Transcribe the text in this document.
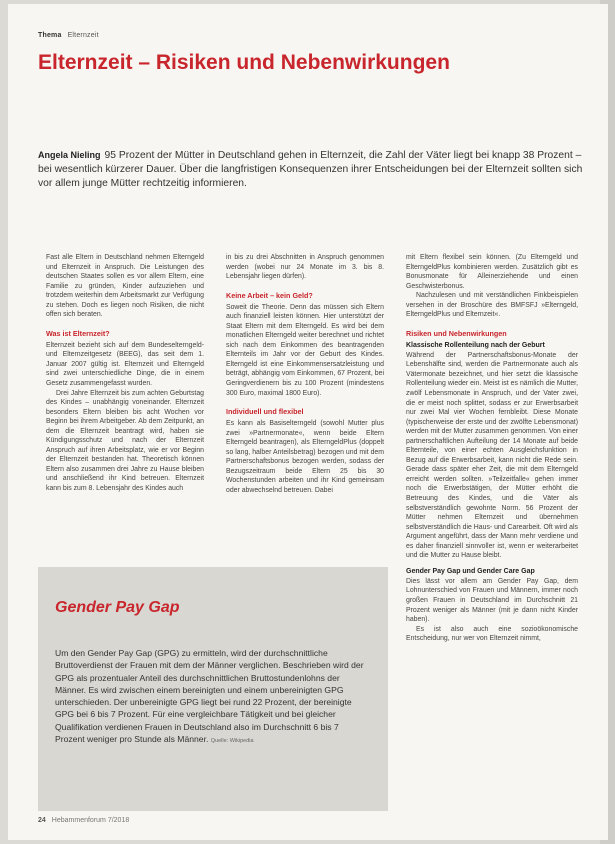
Thema Elternzeit
Elternzeit – Risiken und Nebenwirkungen

Angela Nieling 95 Prozent der Mütter in Deutschland gehen in Elternzeit, die Zahl der Väter liegt bei knapp 38 Prozent – bei wesentlich kürzerer Dauer. Über die langfristigen Konsequenzen ihrer Entscheidungen bei der Elternzeit sollten sich vor allem junge Mütter rechtzeitig informieren.

Fast alle Eltern in Deutschland nehmen Elterngeld und Elternzeit in Anspruch. Die Leistungen des deutschen Staates sollen es vor allem Eltern, eine Familie zu gründen, Kinder aufzuziehen und trotzdem weiterhin dem Arbeitsmarkt zur Verfügung zu stehen. Doch es liegen noch Risiken, die nicht offen sich beraten.

Was ist Elternzeit?

Elternzeit bezieht sich auf dem Bundeselterngeld- und Elternzeitgesetz (BEEG), das seit dem 1. Januar 2007 gültig ist. Elternzeit und Elterngeld sind zwei unterschiedliche Dinge, die in einem Gesetz zusammengefasst wurden.

Drei Jahre Elternzeit bis zum achten Geburtstag des Kindes – unabhängig voneinander. Elternzeit besonders Eltern bleiben bis acht Wochen vor Beginn bei ihrem Arbeitgeber. Ab dem Zeitpunkt, an dem die Elternzeit beantragt wird, haben sie Kündigungsschutz und nach der Elternzeit Anspruch auf ihren Arbeitsplatz, wie er vor Beginn der Elternzeit bestanden hat. Theoretisch können Eltern also zusammen drei Jahre zu Hause bleiben und anschließend ihr Kind betreuen. Elternzeit kann bis zum 8. Lebensjahr des Kindes auch

in bis zu drei Abschnitten in Anspruch genommen werden (wobei nur 24 Monate im 3. bis 8. Lebensjahr liegen dürfen).

Keine Arbeit – kein Geld?

Soweit die Theorie. Denn das müssen sich Eltern auch finanziell leisten können. Hier unterstützt der Staat Eltern mit dem Elterngeld. Es wird bei dem monatlichen Elterngeld weiter berechnet und richtet sich nach dem Einkommen des beantragenden Elternteils im Jahr vor der Geburt des Kindes. Elterngeld ist eine Einkommensersatzleistung und beträgt, abhängig vom Einkommen, 67 Prozent, bei Geringverdienern bis zu 100 Prozent (mindestens 300 Euro, maximal 1800 Euro).

Individuell und flexibel

Es kann als Basiselterngeld (sowohl Mutter plus zwei »Partnermonate«, wenn beide Eltern Elterngeld beantragen), als ElterngeldPlus (doppelt so lang, halber Anteilsbetrag) bezogen und mit dem Partnerschaftsbonus bezogen werden, sodass der Bezugszeitraum beide Eltern 25 bis 30 Wochenstunden arbeiten und ihr Kind gemeinsam oder abwechselnd betreuen. Dabei

mit Eltern flexibel sein können. (Zu Elterngeld und ElterngeldPlus kombinieren werden. Zusätzlich gibt es Bonusmonate für Alleinerziehende und einen Geschwisterbonus.

Nachzulesen und mit verständlichen Finkbeispielen versehen in der Broschüre des BMFSFJ »Elterngeld, ElterngeldPlus und Elternzeit«.

Risiken und Nebenwirkungen
Klassische Rollenteilung nach der Geburt

Während der Partnerschaftsbonus-Monate der Lebenshälfte sind, werden die Partnermonate auch als Vätermonate bezeichnet, und hier setzt die klassische Rollenteilung wieder ein. Meist ist es nämlich die Mutter, zwölf Lebensmonate in Anspruch, und der Vater zwei, die er meist noch splittet, sodass er zur Erwerbsarbeit nur zwei Mal vier Wochen fernbleibt. Diese Monate (typischerweise der erste und der zwölfte Lebensmonat) werden mit der Mutter zusammen genommen. Von einer partnerschaftlichen Aufteilung der 14 Monate auf beide Elternteile, von einer echten Ausgleichsfunktion in Bezug auf die Erwerbsarbeit, kann nicht die Rede sein. Gerade dass später eher Zeit, die mit dem Elterngeld erreicht werden sollten. »Teilzeitfalle« gehen immer noch die Erwerbstätigen, der Mütter erhöht die Betreuung des Kindes, und die Väter als selbstverständlich gewohnte Norm. 56 Prozent der Mütter nehmen Elternzeit und übernehmen selbstverständlich die Haus- und Carearbeit. Oft wird als Argument angeführt, dass der Mann mehr verdiene und es daher finanziell sinnvoller ist, wenn er weiterarbeitet und die Mutter zu Hause bleibt.

Gender Pay Gap und Gender Care Gap

Dies lässt vor allem am Gender Pay Gap, dem Lohnunterschied von Frauen und Männern, immer noch großen Frauen in Deutschland im Durchschnitt 21 Prozent weniger als Männer (mit je dann nicht Kinder haben).

Es ist also auch eine sozioökonomische Entscheidung, nur wer von Elternzeit nimmt,

Gender Pay Gap

Um den Gender Pay Gap (GPG) zu ermitteln, wird der durchschnittliche Bruttoverdienst der Frauen mit dem der Männer verglichen. Beschrieben wird der GPG als prozentualer Anteil des durchschnittlichen Bruttostundenlohns der Männer. Es wird zwischen einem bereinigten und einem unbereinigten GPG unterschieden. Der unbereinigte GPG liegt bei rund 22 Prozent, der bereinigte GPG bei 6 bis 7 Prozent. Für eine vergleichbare Tätigkeit und bei gleicher Qualifikation verdienen Frauen in Deutschland also im Durchschnitt 6 bis 7 Prozent weniger pro Stunde als Männer. Quelle: Wikipedia

24 Hebammenforum 7/2018
